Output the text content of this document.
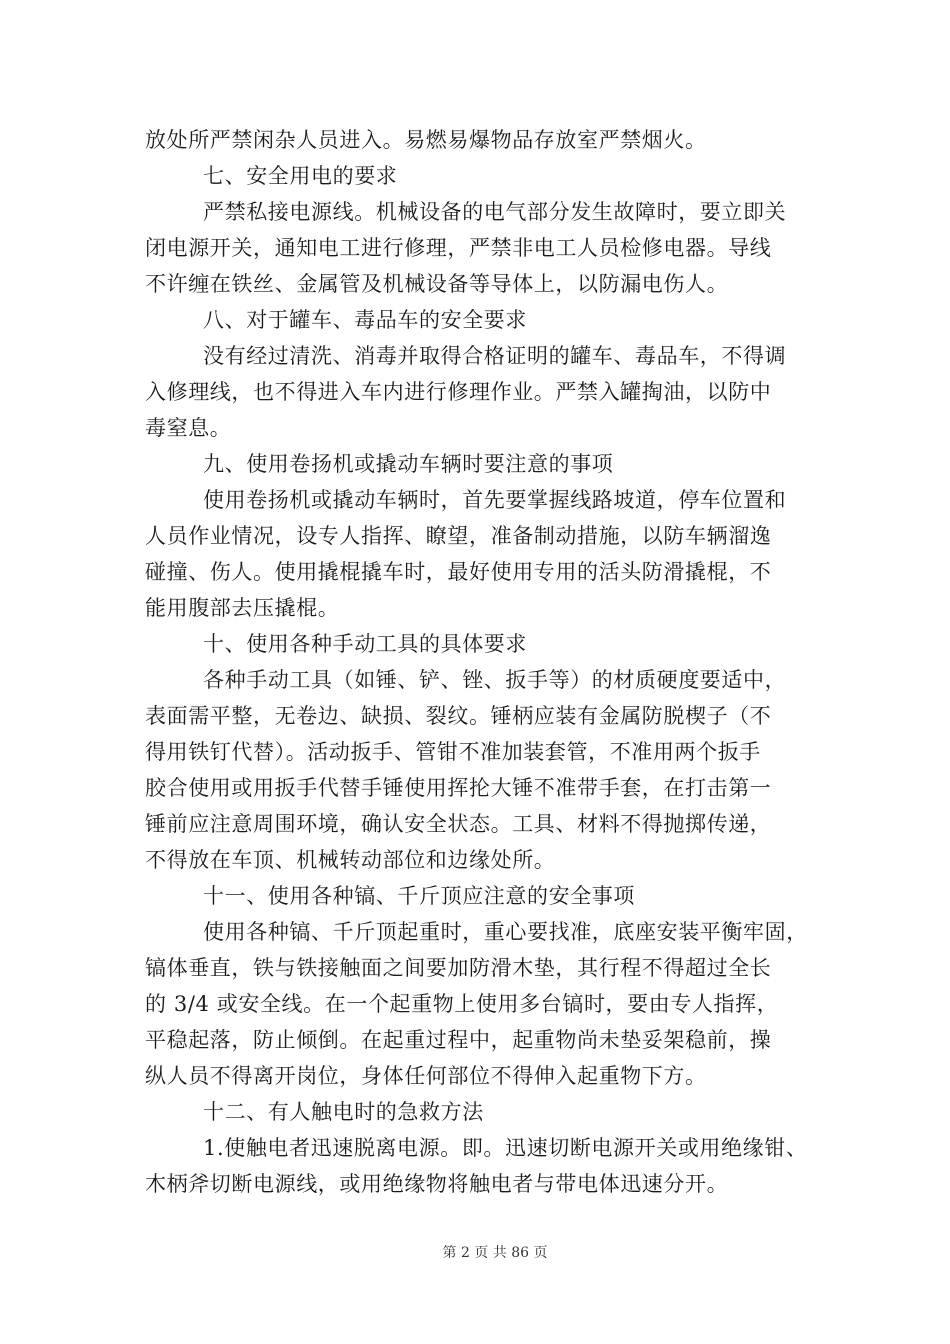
放处所严禁闲杂人员进入。易燃易爆物品存放室严禁烟火。
七、安全用电的要求
严禁私接电源线。机械设备的电气部分发生故障时，要立即关
闭电源开关，通知电工进行修理，严禁非电工人员检修电器。导线
不许缠在铁丝、金属管及机械设备等导体上，以防漏电伤人。
八、对于罐车、毒品车的安全要求
没有经过清洗、消毒并取得合格证明的罐车、毒品车，不得调
入修理线，也不得进入车内进行修理作业。严禁入罐掏油，以防中
毒窒息。
九、使用卷扬机或撬动车辆时要注意的事项
使用卷扬机或撬动车辆时，首先要掌握线路坡道，停车位置和
人员作业情况，设专人指挥、瞭望，准备制动措施，以防车辆溜逸
碰撞、伤人。使用撬棍撬车时，最好使用专用的活头防滑撬棍，不
能用腹部去压撬棍。
十、使用各种手动工具的具体要求
各种手动工具（如锤、铲、锉、扳手等）的材质硬度要适中，
表面需平整，无卷边、缺损、裂纹。锤柄应装有金属防脱楔子（不
得用铁钉代替）。活动扳手、管钳不准加装套管，不准用两个扳手
胶合使用或用扳手代替手锤使用挥抡大锤不准带手套，在打击第一
锤前应注意周围环境，确认安全状态。工具、材料不得抛掷传递，
不得放在车顶、机械转动部位和边缘处所。
十一、使用各种镐、千斤顶应注意的安全事项
使用各种镐、千斤顶起重时，重心要找准，底座安装平衡牢固，
镐体垂直，铁与铁接触面之间要加防滑木垫，其行程不得超过全长
的 3/4 或安全线。在一个起重物上使用多台镐时，要由专人指挥，
平稳起落，防止倾倒。在起重过程中，起重物尚未垫妥架稳前，操
纵人员不得离开岗位，身体任何部位不得伸入起重物下方。
十二、有人触电时的急救方法
1.使触电者迅速脱离电源。即。迅速切断电源开关或用绝缘钳、
木柄斧切断电源线，或用绝缘物将触电者与带电体迅速分开。
第 2 页 共 86 页
